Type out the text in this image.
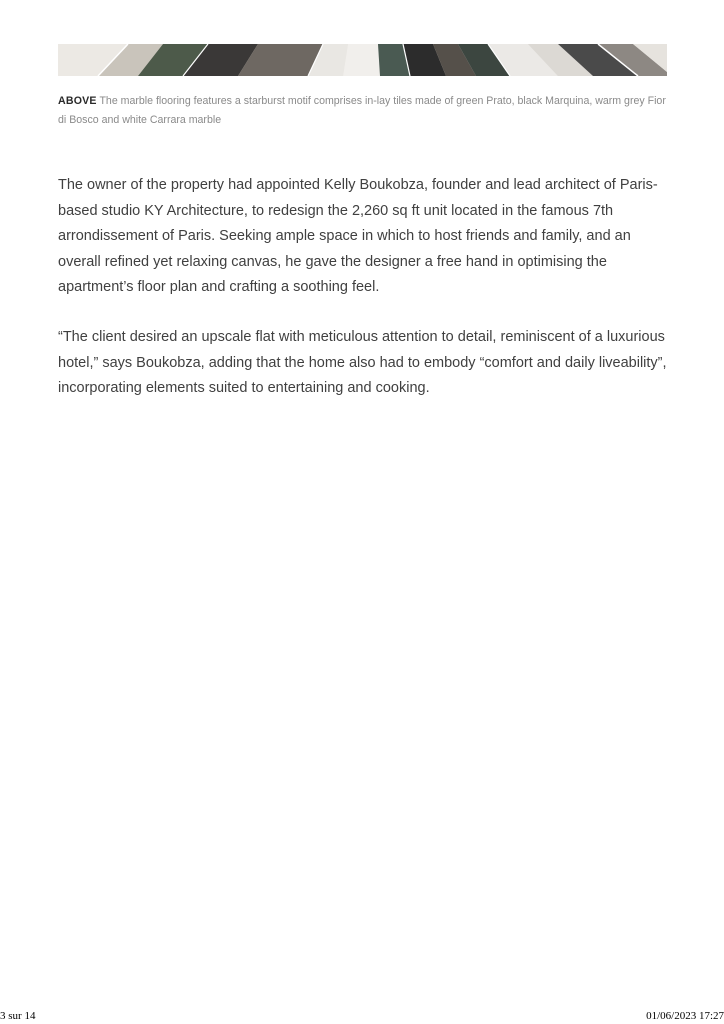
ABOVE The marble flooring features a starburst motif comprises in-lay tiles made of green Prato, black Marquina, warm grey Fior di Bosco and white Carrara marble

The owner of the property had appointed Kelly Boukobza, founder and lead architect of Paris-based studio KY Architecture, to redesign the 2,260 sq ft unit located in the famous 7th arrondissement of Paris. Seeking ample space in which to host friends and family, and an overall refined yet relaxing canvas, he gave the designer a free hand in optimising the apartment’s floor plan and crafting a soothing feel.

“The client desired an upscale flat with meticulous attention to detail, reminiscent of a luxurious hotel,” says Boukobza, adding that the home also had to embody “comfort and daily liveability”, incorporating elements suited to entertaining and cooking.

3 sur 14	01/06/2023 17:27
